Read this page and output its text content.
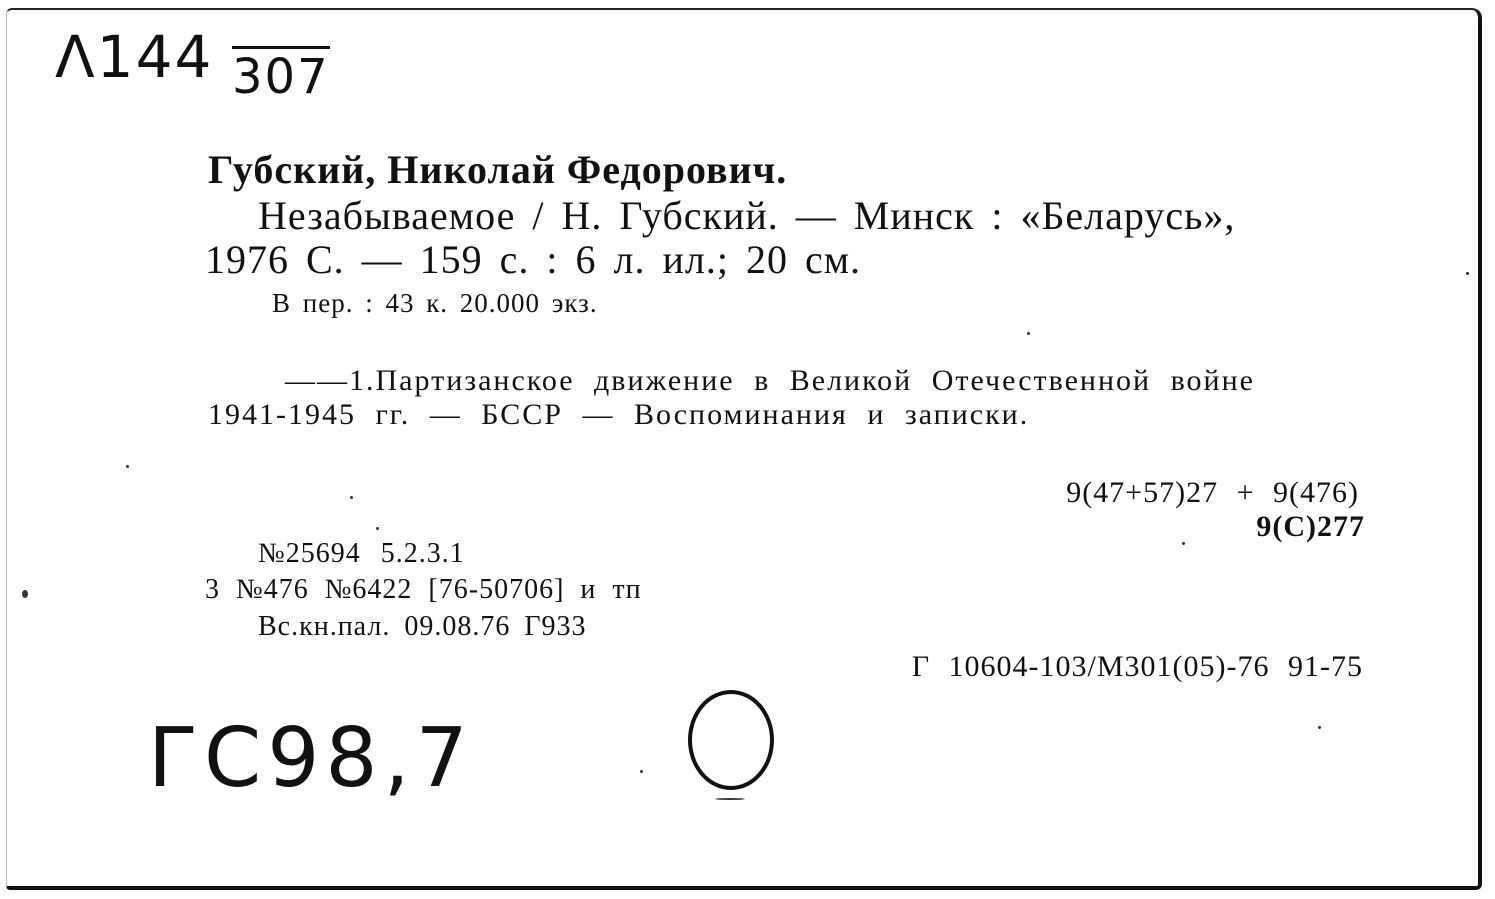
Λ144 307
Губский, Николай Федорович.
Незабываемое / Н. Губский. — Минск : «Беларусь»,
1976 С. — 159 с. : 6 л. ил.; 20 см.
В пер. : 43 к. 20.000 экз.
——1.Партизанское движение в Великой Отечественной войне
1941-1945 гг. — БССР — Воспоминания и записки.
9(47+57)27 + 9(476)
9(С)277
№25694 5.2.3.1
3 №476 №6422 [76-50706] и тп
Вс.кн.пал. 09.08.76 Г933
Г 10604-103/М301(05)-76 91-75
ГС98,7
